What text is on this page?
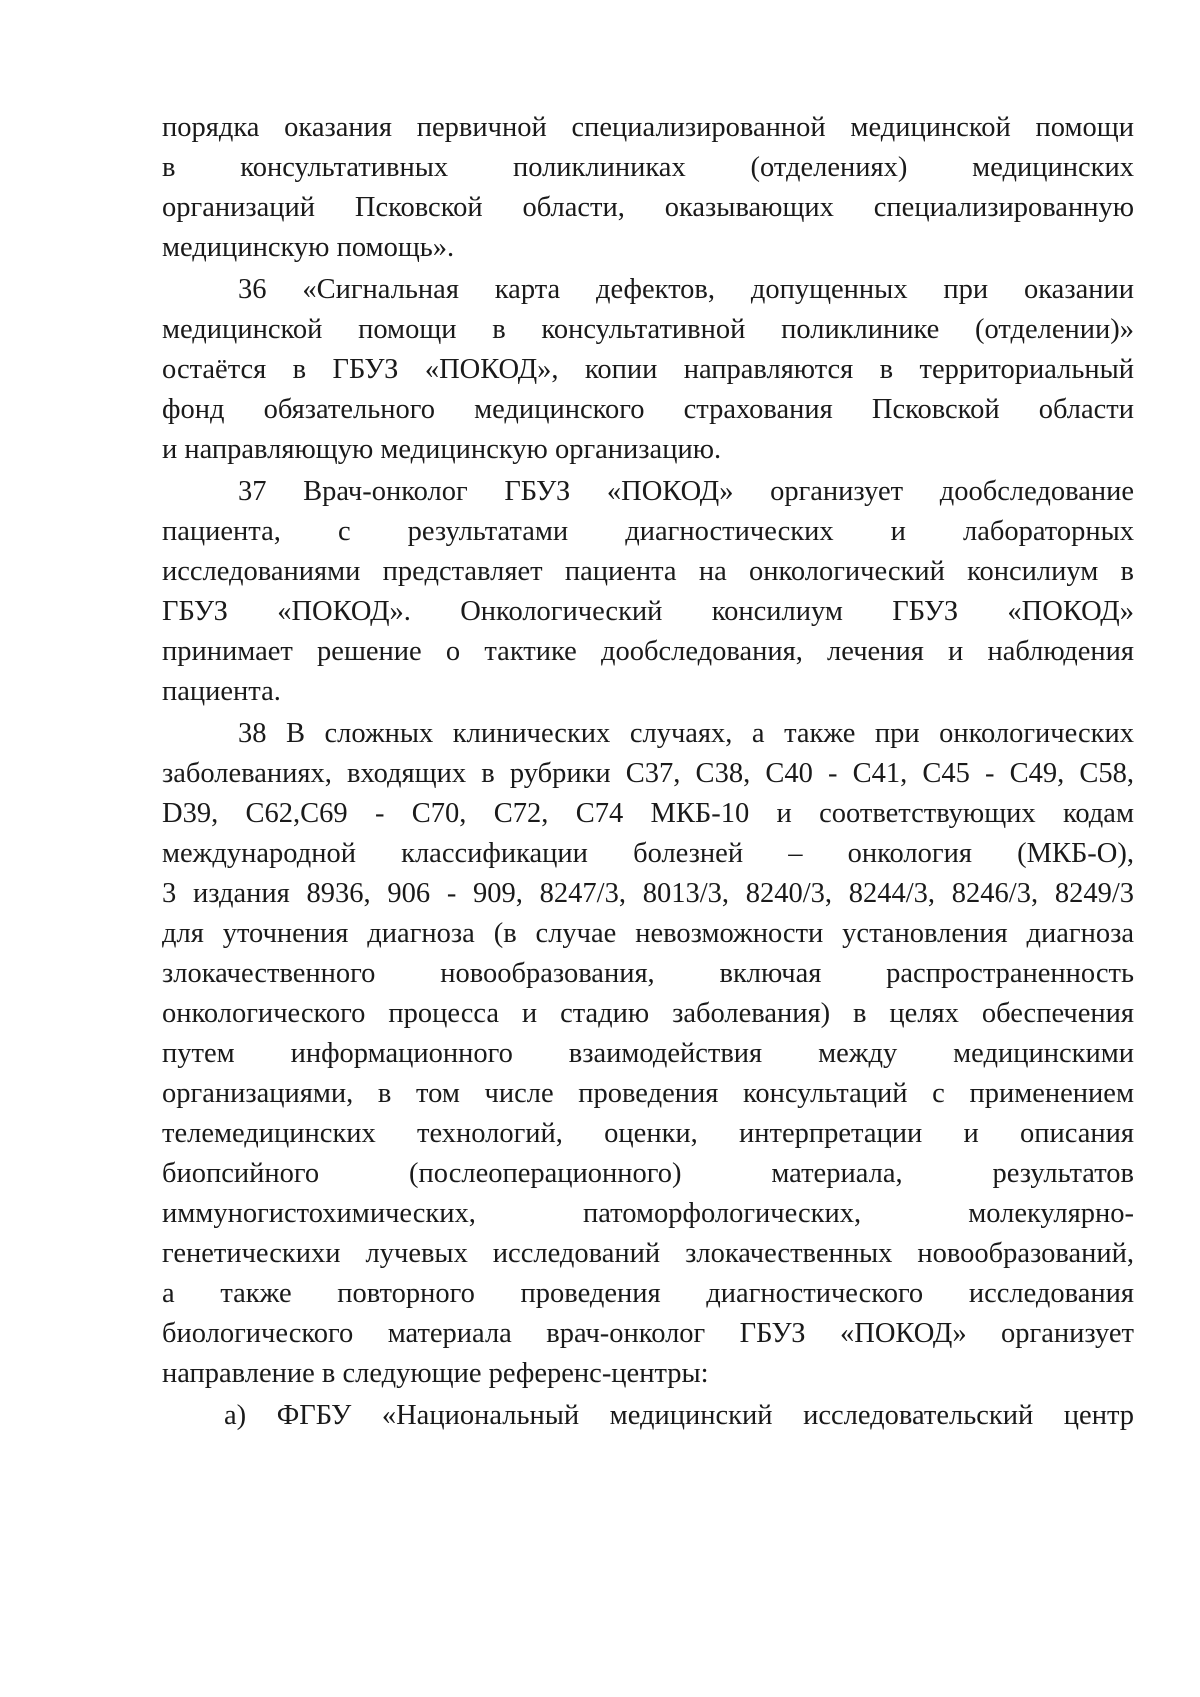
порядка оказания первичной специализированной медицинской помощи
в консультативных поликлиниках (отделениях) медицинских
организаций Псковской области, оказывающих специализированную
медицинскую помощь».
36 «Сигнальная карта дефектов, допущенных при оказании
медицинской помощи в консультативной поликлинике (отделении)»
остаётся в ГБУЗ «ПОКОД», копии направляются в территориальный
фонд обязательного медицинского страхования Псковской области
и направляющую медицинскую организацию.
37 Врач-онколог ГБУЗ «ПОКОД» организует дообследование
пациента, с результатами диагностических и лабораторных
исследованиями представляет пациента на онкологический консилиум в
ГБУЗ «ПОКОД». Онкологический консилиум ГБУЗ «ПОКОД»
принимает решение о тактике дообследования, лечения и наблюдения
пациента.
38 В сложных клинических случаях, а также при онкологических
заболеваниях, входящих в рубрики С37, С38, С40 - С41, С45 - С49, С58,
D39, С62,С69 - С70, С72, С74 МКБ-10 и соответствующих кодам
международной классификации болезней – онкология (МКБ-О),
3 издания 8936, 906 - 909, 8247/3, 8013/3, 8240/3, 8244/3, 8246/3, 8249/3
для уточнения диагноза (в случае невозможности установления диагноза
злокачественного новообразования, включая распространенность
онкологического процесса и стадию заболевания) в целях обеспечения
путем информационного взаимодействия между медицинскими
организациями, в том числе проведения консультаций с применением
телемедицинских технологий, оценки, интерпретации и описания
биопсийного (послеоперационного) материала, результатов
иммуногистохимических, патоморфологических, молекулярно-
генетическихи лучевых исследований злокачественных новообразований,
а также повторного проведения диагностического исследования
биологического материала врач-онколог ГБУЗ «ПОКОД» организует
направление в следующие референс-центры:
а) ФГБУ «Национальный медицинский исследовательский центр
